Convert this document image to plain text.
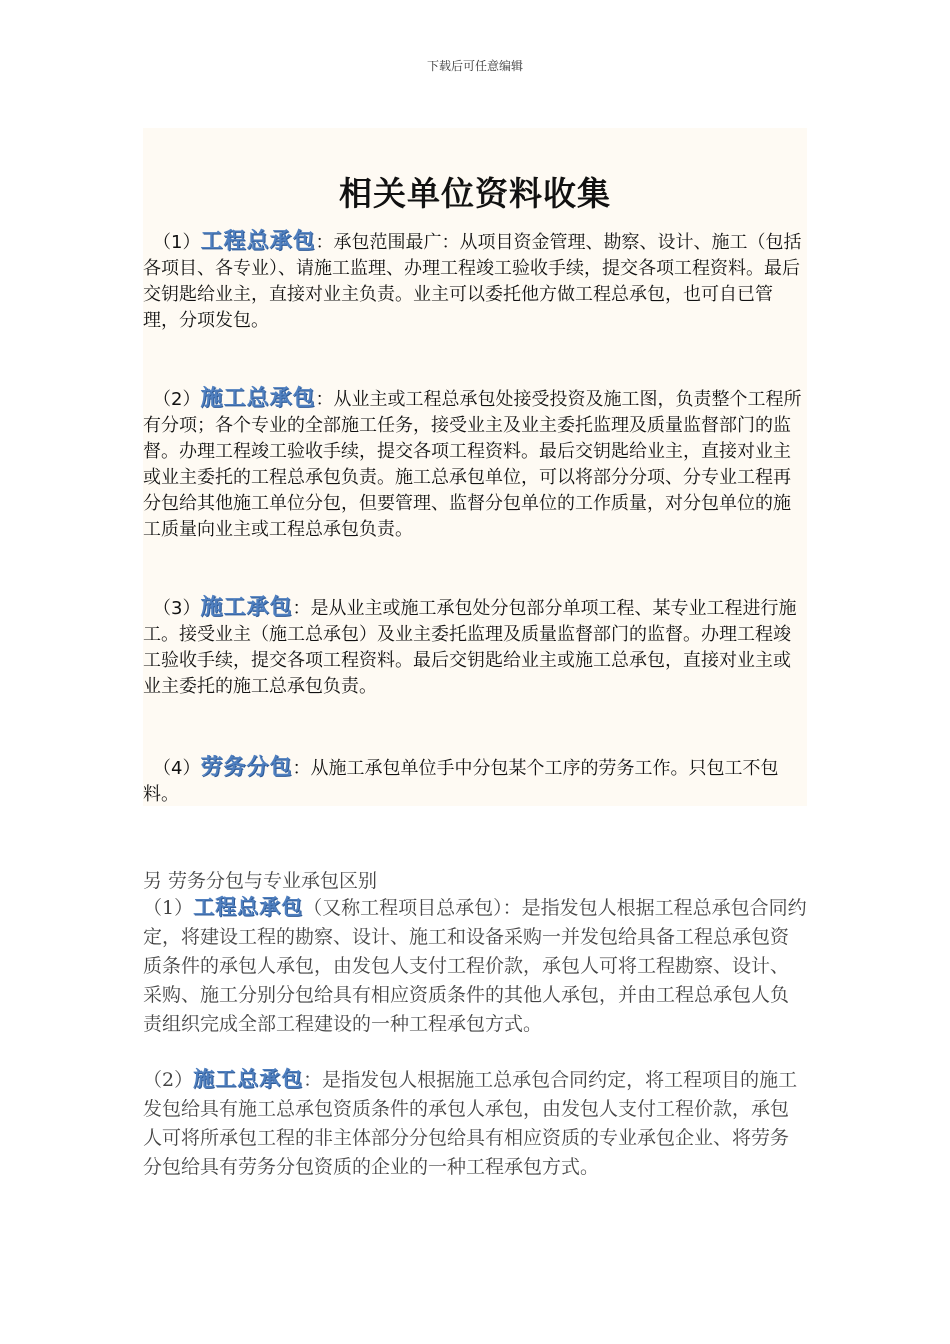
下载后可任意编辑
相关单位资料收集

（1）工程总承包：承包范围最广：从项目资金管理、勘察、设计、施工（包括各项目、各专业）、请施工监理、办理工程竣工验收手续，提交各项工程资料。最后交钥匙给业主，直接对业主负责。业主可以委托他方做工程总承包，也可自已管理，分项发包。

（2）施工总承包：从业主或工程总承包处接受投资及施工图，负责整个工程所有分项；各个专业的全部施工任务，接受业主及业主委托监理及质量监督部门的监督。办理工程竣工验收手续，提交各项工程资料。最后交钥匙给业主，直接对业主或业主委托的工程总承包负责。施工总承包单位，可以将部分分项、分专业工程再分包给其他施工单位分包，但要管理、监督分包单位的工作质量，对分包单位的施工质量向业主或工程总承包负责。

（3）施工承包：是从业主或施工承包处分包部分单项工程、某专业工程进行施工。接受业主（施工总承包）及业主委托监理及质量监督部门的监督。办理工程竣工验收手续，提交各项工程资料。最后交钥匙给业主或施工总承包，直接对业主或业主委托的施工总承包负责。

（4）劳务分包：从施工承包单位手中分包某个工序的劳务工作。只包工不包料。

另 劳务分包与专业承包区别

（1）工程总承包（又称工程项目总承包）：是指发包人根据工程总承包合同约定，将建设工程的勘察、设计、施工和设备采购一并发包给具备工程总承包资质条件的承包人承包，由发包人支付工程价款，承包人可将工程勘察、设计、采购、施工分别分包给具有相应资质条件的其他人承包，并由工程总承包人负责组织完成全部工程建设的一种工程承包方式。

（2）施工总承包：是指发包人根据施工总承包合同约定，将工程项目的施工发包给具有施工总承包资质条件的承包人承包，由发包人支付工程价款，承包人可将所承包工程的非主体部分分包给具有相应资质的专业承包企业、将劳务分包给具有劳务分包资质的企业的一种工程承包方式。
